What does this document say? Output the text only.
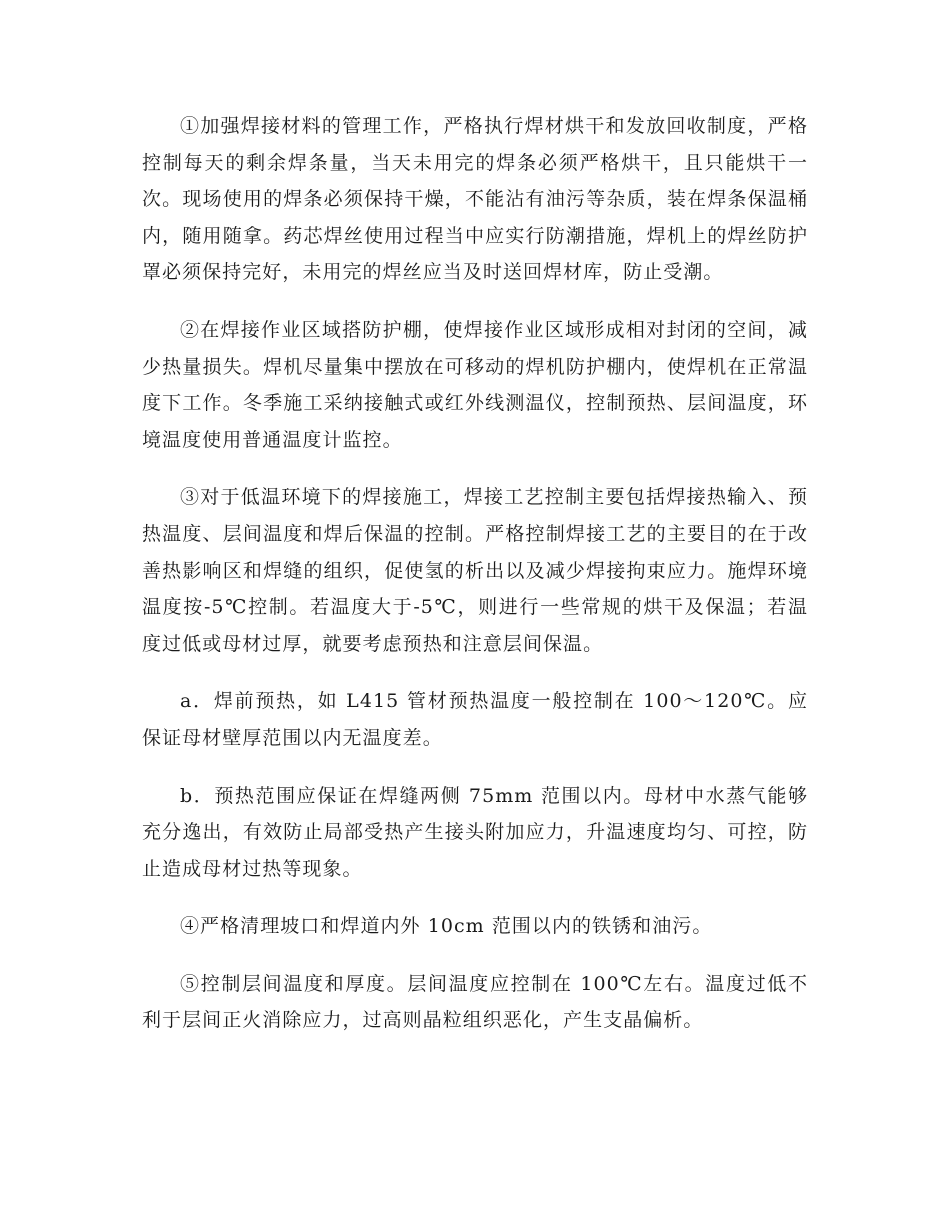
①加强焊接材料的管理工作，严格执行焊材烘干和发放回收制度，严格控制每天的剩余焊条量，当天未用完的焊条必须严格烘干，且只能烘干一次。现场使用的焊条必须保持干燥，不能沾有油污等杂质，装在焊条保温桶内，随用随拿。药芯焊丝使用过程当中应实行防潮措施，焊机上的焊丝防护罩必须保持完好，未用完的焊丝应当及时送回焊材库，防止受潮。

②在焊接作业区域搭防护棚，使焊接作业区域形成相对封闭的空间，减少热量损失。焊机尽量集中摆放在可移动的焊机防护棚内，使焊机在正常温度下工作。冬季施工采纳接触式或红外线测温仪，控制预热、层间温度，环境温度使用普通温度计监控。

③对于低温环境下的焊接施工，焊接工艺控制主要包括焊接热输入、预热温度、层间温度和焊后保温的控制。严格控制焊接工艺的主要目的在于改善热影响区和焊缝的组织，促使氢的析出以及减少焊接拘束应力。施焊环境温度按-5℃控制。若温度大于-5℃，则进行一些常规的烘干及保温；若温度过低或母材过厚，就要考虑预热和注意层间保温。

a．焊前预热，如 L415 管材预热温度一般控制在 100～120℃。应保证母材壁厚范围以内无温度差。

b．预热范围应保证在焊缝两侧 75mm 范围以内。母材中水蒸气能够充分逸出，有效防止局部受热产生接头附加应力，升温速度均匀、可控，防止造成母材过热等现象。

④严格清理坡口和焊道内外 10cm 范围以内的铁锈和油污。

⑤控制层间温度和厚度。层间温度应控制在 100℃左右。温度过低不利于层间正火消除应力，过高则晶粒组织恶化，产生支晶偏析。
